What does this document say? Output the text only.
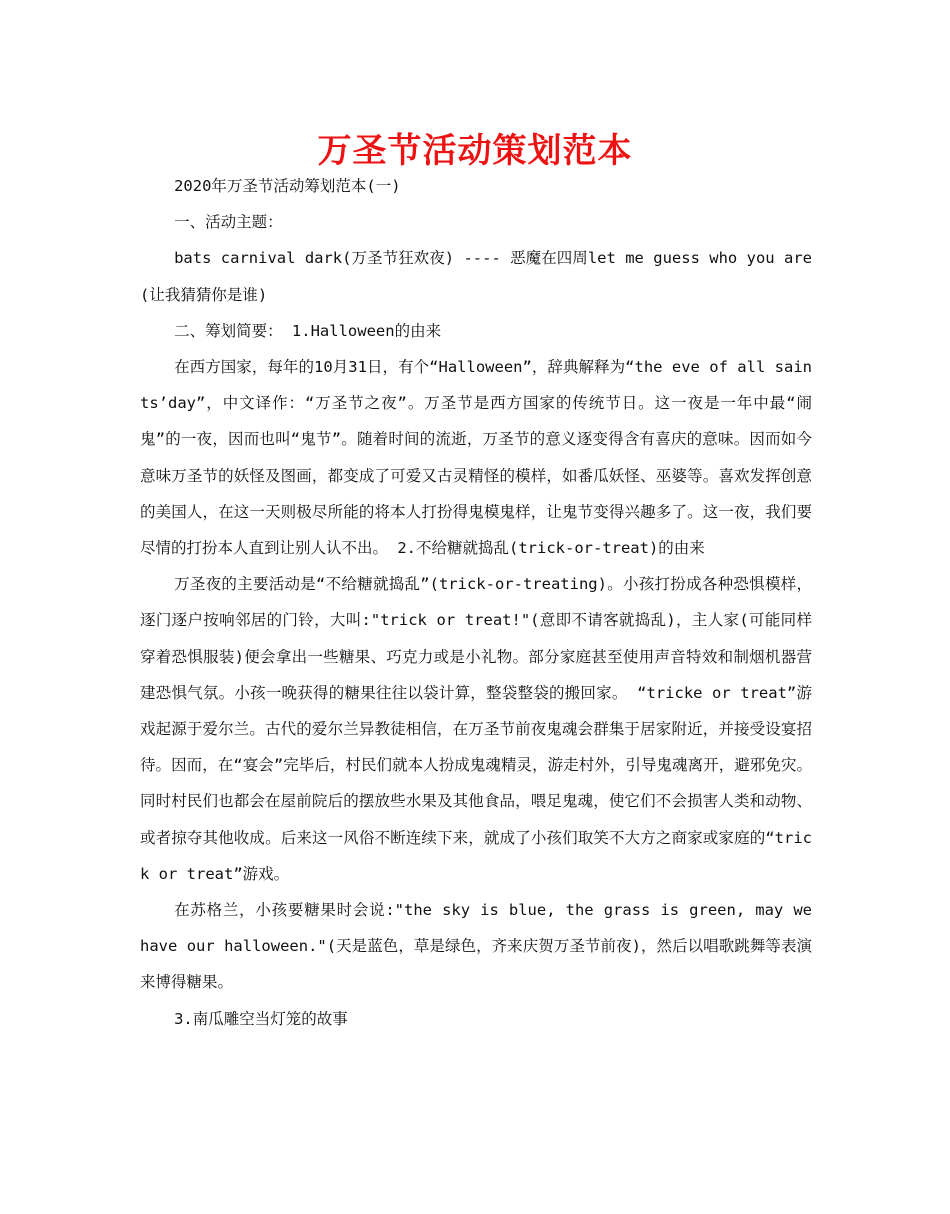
万圣节活动策划范本

2020年万圣节活动筹划范本(一)

一、活动主题：

bats carnival dark(万圣节狂欢夜) ---- 恶魔在四周let me guess who you are(让我猜猜你是谁)

二、筹划简要： 1.Halloween的由来

在西方国家，每年的10月31日，有个“Halloween”，辞典解释为“the eve of all saints’day”，中文译作：“万圣节之夜”。万圣节是西方国家的传统节日。这一夜是一年中最“闹鬼”的一夜，因而也叫“鬼节”。随着时间的流逝，万圣节的意义逐变得含有喜庆的意味。因而如今意味万圣节的妖怪及图画，都变成了可爱又古灵精怪的模样，如番瓜妖怪、巫婆等。喜欢发挥创意的美国人，在这一天则极尽所能的将本人打扮得鬼模鬼样，让鬼节变得兴趣多了。这一夜，我们要尽情的打扮本人直到让别人认不出。 2.不给糖就捣乱(trick-or-treat)的由来

万圣夜的主要活动是“不给糖就捣乱”(trick-or-treating)。小孩打扮成各种恐惧模样，逐门逐户按响邻居的门铃，大叫:"trick or treat!"(意即不请客就捣乱)，主人家(可能同样穿着恐惧服装)便会拿出一些糖果、巧克力或是小礼物。部分家庭甚至使用声音特效和制烟机器营建恐惧气氛。小孩一晚获得的糖果往往以袋计算，整袋整袋的搬回家。 “tricke or treat”游戏起源于爱尔兰。古代的爱尔兰异教徒相信，在万圣节前夜鬼魂会群集于居家附近，并接受设宴招待。因而，在“宴会”完毕后，村民们就本人扮成鬼魂精灵，游走村外，引导鬼魂离开，避邪免灾。同时村民们也都会在屋前院后的摆放些水果及其他食品，喂足鬼魂，使它们不会损害人类和动物、或者掠夺其他收成。后来这一风俗不断连续下来，就成了小孩们取笑不大方之商家或家庭的“trick or treat”游戏。

在苏格兰，小孩要糖果时会说:"the sky is blue, the grass is green, may we have our halloween."(天是蓝色，草是绿色，齐来庆贺万圣节前夜)，然后以唱歌跳舞等表演来博得糖果。

3.南瓜雕空当灯笼的故事
